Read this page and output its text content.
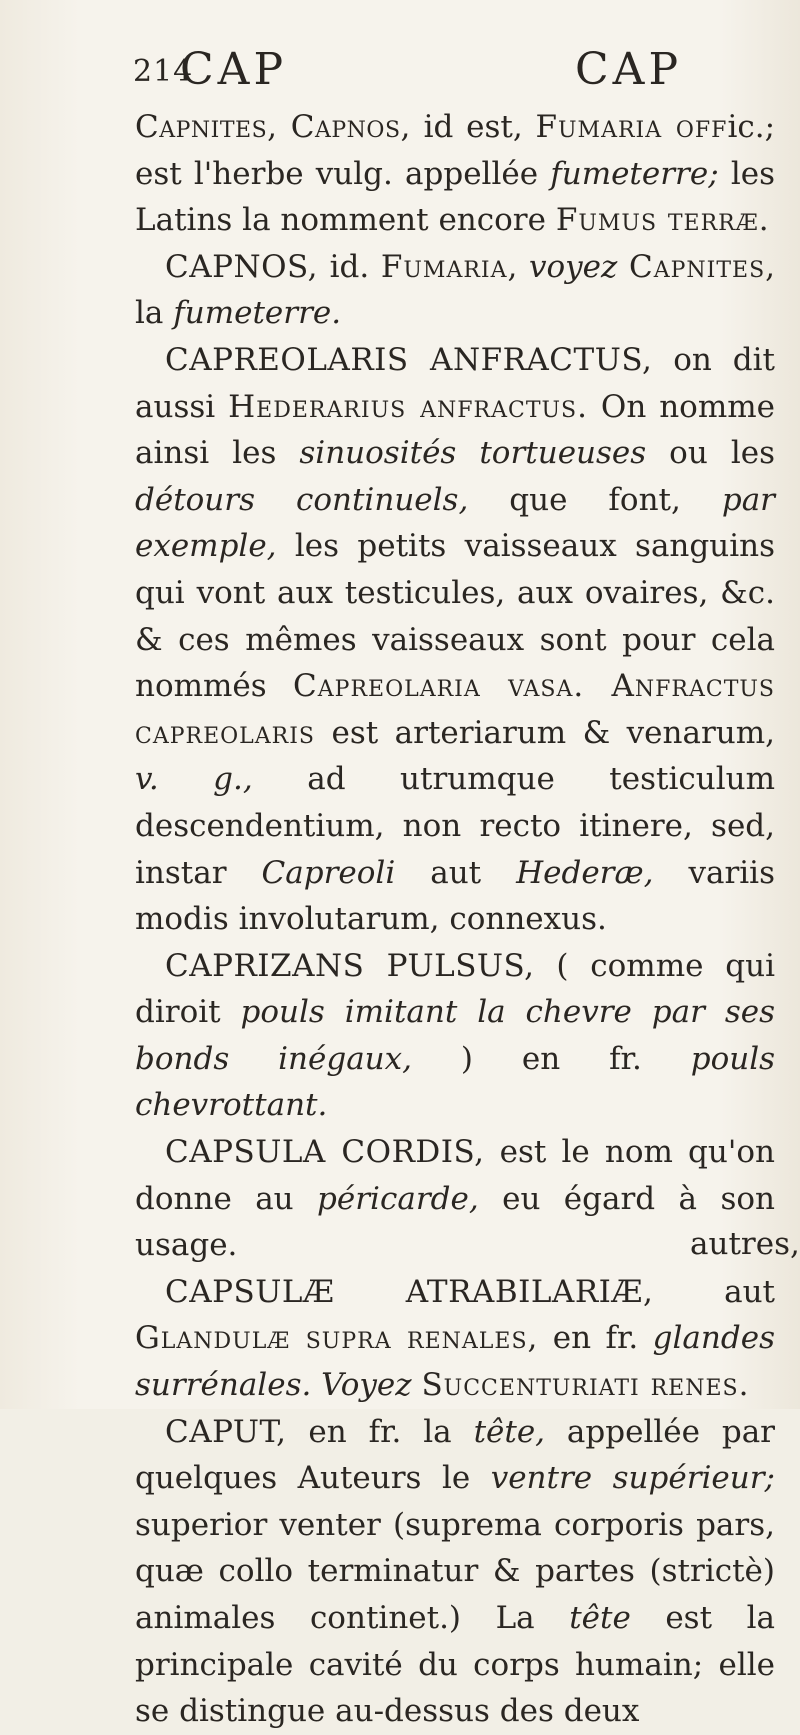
214
CAP	CAP

Capnites, Capnos, id est, Fumaria offic.; est l'herbe vulg. appellée fumeterre; les Latins la nomment encore Fumus terræ.

CAPNOS, id. Fumaria, voyez Capnites, la fumeterre.

CAPREOLARIS ANFRACTUS, on dit aussi Hederarius anfractus. On nomme ainsi les sinuosités tortueuses ou les détours continuels, que font, par exemple, les petits vaisseaux sanguins qui vont aux testicules, aux ovaires, &c. & ces mêmes vaisseaux sont pour cela nommés Capreolaria vasa. Anfractus capreolaris est arteriarum & venarum, v. g., ad utrumque testiculum descendentium, non recto itinere, sed, instar Capreoli aut Hederæ, variis modis involutarum, connexus.

CAPRIZANS PULSUS, ( comme qui diroit pouls imitant la chevre par ses bonds inégaux, ) en fr. pouls chevrottant.

CAPSULA CORDIS, est le nom qu'on donne au péricarde, eu égard à son usage.

CAPSULÆ ATRABILARIÆ, aut Glandulæ supra renales, en fr. glandes surrénales. Voyez Succenturiati renes.

CAPUT, en fr. la tête, appellée par quelques Auteurs le ventre supérieur; superior venter (suprema corporis pars, quæ collo terminatur & partes (strictè) animales continet.) La tête est la principale cavité du corps humain; elle se distingue au-dessus des deux

autres,
